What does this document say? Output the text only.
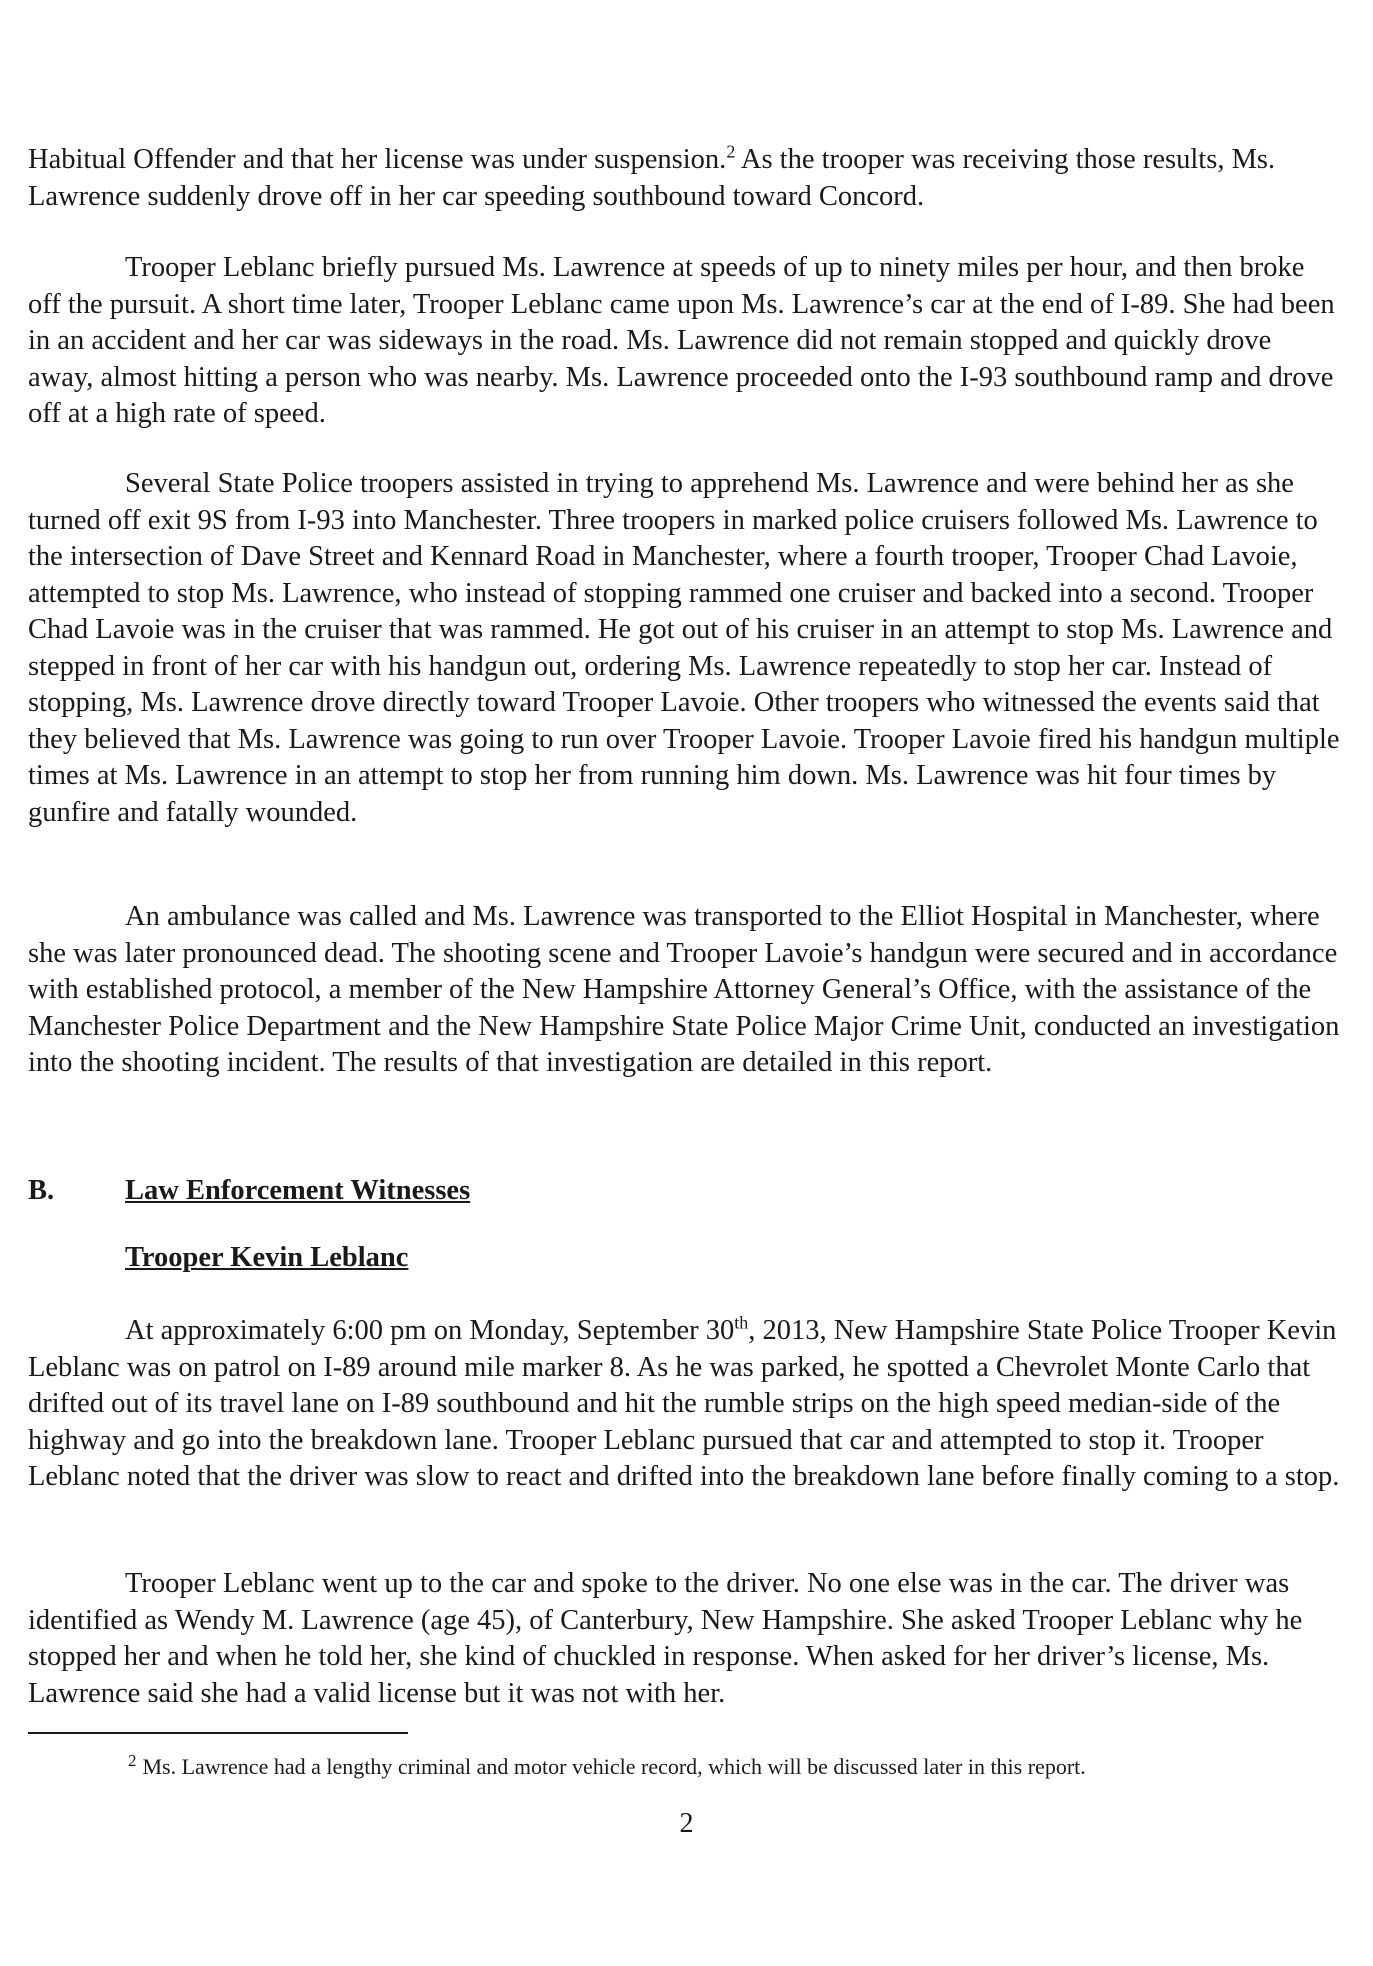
Habitual Offender and that her license was under suspension.$^2$ As the trooper was receiving those results, Ms. Lawrence suddenly drove off in her car speeding southbound toward Concord.

Trooper Leblanc briefly pursued Ms. Lawrence at speeds of up to ninety miles per hour, and then broke off the pursuit. A short time later, Trooper Leblanc came upon Ms. Lawrence’s car at the end of I-89. She had been in an accident and her car was sideways in the road. Ms. Lawrence did not remain stopped and quickly drove away, almost hitting a person who was nearby. Ms. Lawrence proceeded onto the I-93 southbound ramp and drove off at a high rate of speed.

Several State Police troopers assisted in trying to apprehend Ms. Lawrence and were behind her as she turned off exit 9S from I-93 into Manchester. Three troopers in marked police cruisers followed Ms. Lawrence to the intersection of Dave Street and Kennard Road in Manchester, where a fourth trooper, Trooper Chad Lavoie, attempted to stop Ms. Lawrence, who instead of stopping rammed one cruiser and backed into a second. Trooper Chad Lavoie was in the cruiser that was rammed. He got out of his cruiser in an attempt to stop Ms. Lawrence and stepped in front of her car with his handgun out, ordering Ms. Lawrence repeatedly to stop her car. Instead of stopping, Ms. Lawrence drove directly toward Trooper Lavoie. Other troopers who witnessed the events said that they believed that Ms. Lawrence was going to run over Trooper Lavoie. Trooper Lavoie fired his handgun multiple times at Ms. Lawrence in an attempt to stop her from running him down. Ms. Lawrence was hit four times by gunfire and fatally wounded.

An ambulance was called and Ms. Lawrence was transported to the Elliot Hospital in Manchester, where she was later pronounced dead. The shooting scene and Trooper Lavoie’s handgun were secured and in accordance with established protocol, a member of the New Hampshire Attorney General’s Office, with the assistance of the Manchester Police Department and the New Hampshire State Police Major Crime Unit, conducted an investigation into the shooting incident. The results of that investigation are detailed in this report.

B. Law Enforcement Witnesses
Trooper Kevin Leblanc

At approximately 6:00 pm on Monday, September 30th, 2013, New Hampshire State Police Trooper Kevin Leblanc was on patrol on I-89 around mile marker 8. As he was parked, he spotted a Chevrolet Monte Carlo that drifted out of its travel lane on I-89 southbound and hit the rumble strips on the high speed median-side of the highway and go into the breakdown lane. Trooper Leblanc pursued that car and attempted to stop it. Trooper Leblanc noted that the driver was slow to react and drifted into the breakdown lane before finally coming to a stop.

Trooper Leblanc went up to the car and spoke to the driver. No one else was in the car. The driver was identified as Wendy M. Lawrence (age 45), of Canterbury, New Hampshire. She asked Trooper Leblanc why he stopped her and when he told her, she kind of chuckled in response. When asked for her driver’s license, Ms. Lawrence said she had a valid license but it was not with her.

$^2$ Ms. Lawrence had a lengthy criminal and motor vehicle record, which will be discussed later in this report.
2
